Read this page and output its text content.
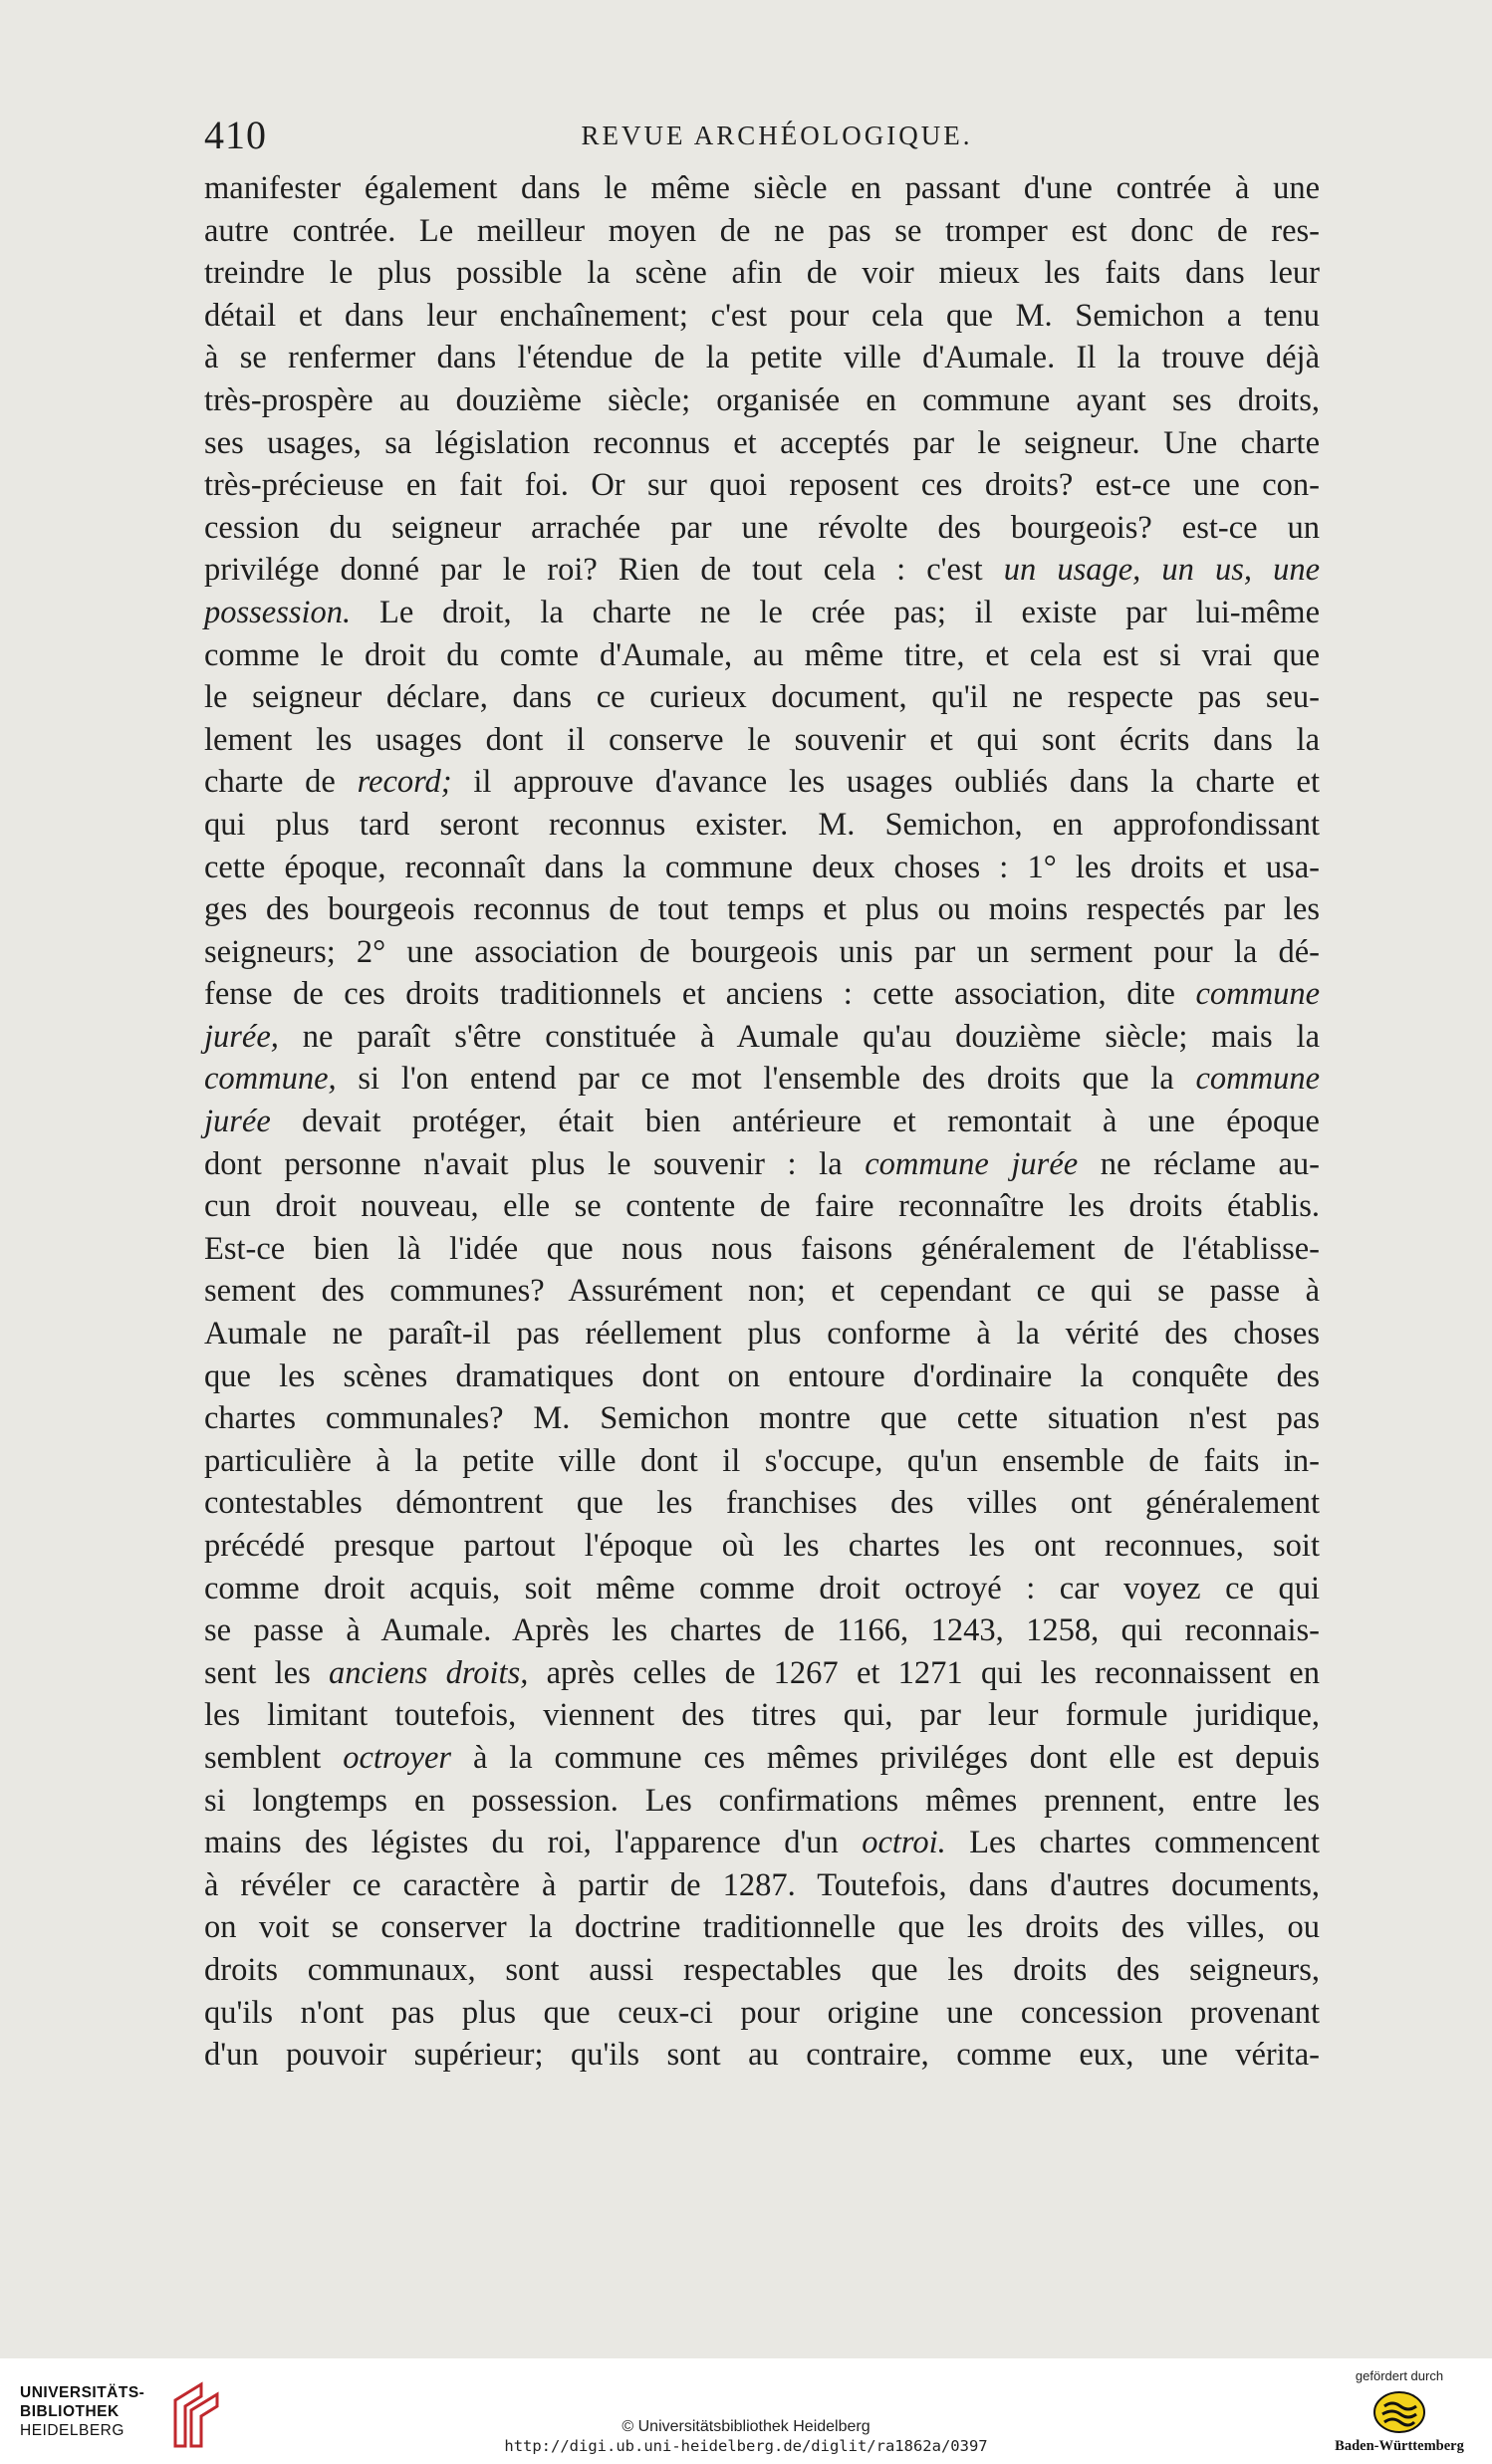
410	REVUE ARCHÉOLOGIQUE.
manifester également dans le même siècle en passant d'une contrée à une
autre contrée. Le meilleur moyen de ne pas se tromper est donc de res-
treindre le plus possible la scène afin de voir mieux les faits dans leur
détail et dans leur enchaînement; c'est pour cela que M. Semichon a tenu
à se renfermer dans l'étendue de la petite ville d'Aumale. Il la trouve déjà
très-prospère au douzième siècle; organisée en commune ayant ses droits,
ses usages, sa législation reconnus et acceptés par le seigneur. Une charte
très-précieuse en fait foi. Or sur quoi reposent ces droits? est-ce une con-
cession du seigneur arrachée par une révolte des bourgeois? est-ce un
privilége donné par le roi? Rien de tout cela : c'est un usage, un us, une
possession. Le droit, la charte ne le crée pas; il existe par lui-même
comme le droit du comte d'Aumale, au même titre, et cela est si vrai que
le seigneur déclare, dans ce curieux document, qu'il ne respecte pas seu-
lement les usages dont il conserve le souvenir et qui sont écrits dans la
charte de record; il approuve d'avance les usages oubliés dans la charte et
qui plus tard seront reconnus exister. M. Semichon, en approfondissant
cette époque, reconnaît dans la commune deux choses : 1° les droits et usa-
ges des bourgeois reconnus de tout temps et plus ou moins respectés par les
seigneurs; 2° une association de bourgeois unis par un serment pour la dé-
fense de ces droits traditionnels et anciens : cette association, dite commune
jurée, ne paraît s'être constituée à Aumale qu'au douzième siècle; mais la
commune, si l'on entend par ce mot l'ensemble des droits que la commune
jurée devait protéger, était bien antérieure et remontait à une époque
dont personne n'avait plus le souvenir : la commune jurée ne réclame au-
cun droit nouveau, elle se contente de faire reconnaître les droits établis.
Est-ce bien là l'idée que nous nous faisons généralement de l'établisse-
sement des communes? Assurément non; et cependant ce qui se passe à
Aumale ne paraît-il pas réellement plus conforme à la vérité des choses
que les scènes dramatiques dont on entoure d'ordinaire la conquête des
chartes communales? M. Semichon montre que cette situation n'est pas
particulière à la petite ville dont il s'occupe, qu'un ensemble de faits in-
contestables démontrent que les franchises des villes ont généralement
précédé presque partout l'époque où les chartes les ont reconnues, soit
comme droit acquis, soit même comme droit octroyé : car voyez ce qui
se passe à Aumale. Après les chartes de 1166, 1243, 1258, qui reconnais-
sent les anciens droits, après celles de 1267 et 1271 qui les reconnaissent en
les limitant toutefois, viennent des titres qui, par leur formule juridique,
semblent octroyer à la commune ces mêmes priviléges dont elle est depuis
si longtemps en possession. Les confirmations mêmes prennent, entre les
mains des légistes du roi, l'apparence d'un octroi. Les chartes commencent
à révéler ce caractère à partir de 1287. Toutefois, dans d'autres documents,
on voit se conserver la doctrine traditionnelle que les droits des villes, ou
droits communaux, sont aussi respectables que les droits des seigneurs,
qu'ils n'ont pas plus que ceux-ci pour origine une concession provenant
d'un pouvoir supérieur; qu'ils sont au contraire, comme eux, une vérita-
UNIVERSITÄTS-
BIBLIOTHEK
HEIDELBERG	© Universitätsbibliothek Heidelberg
http://digi.ub.uni-heidelberg.de/diglit/ra1862a/0397
gefördert durch
Baden-Württemberg
